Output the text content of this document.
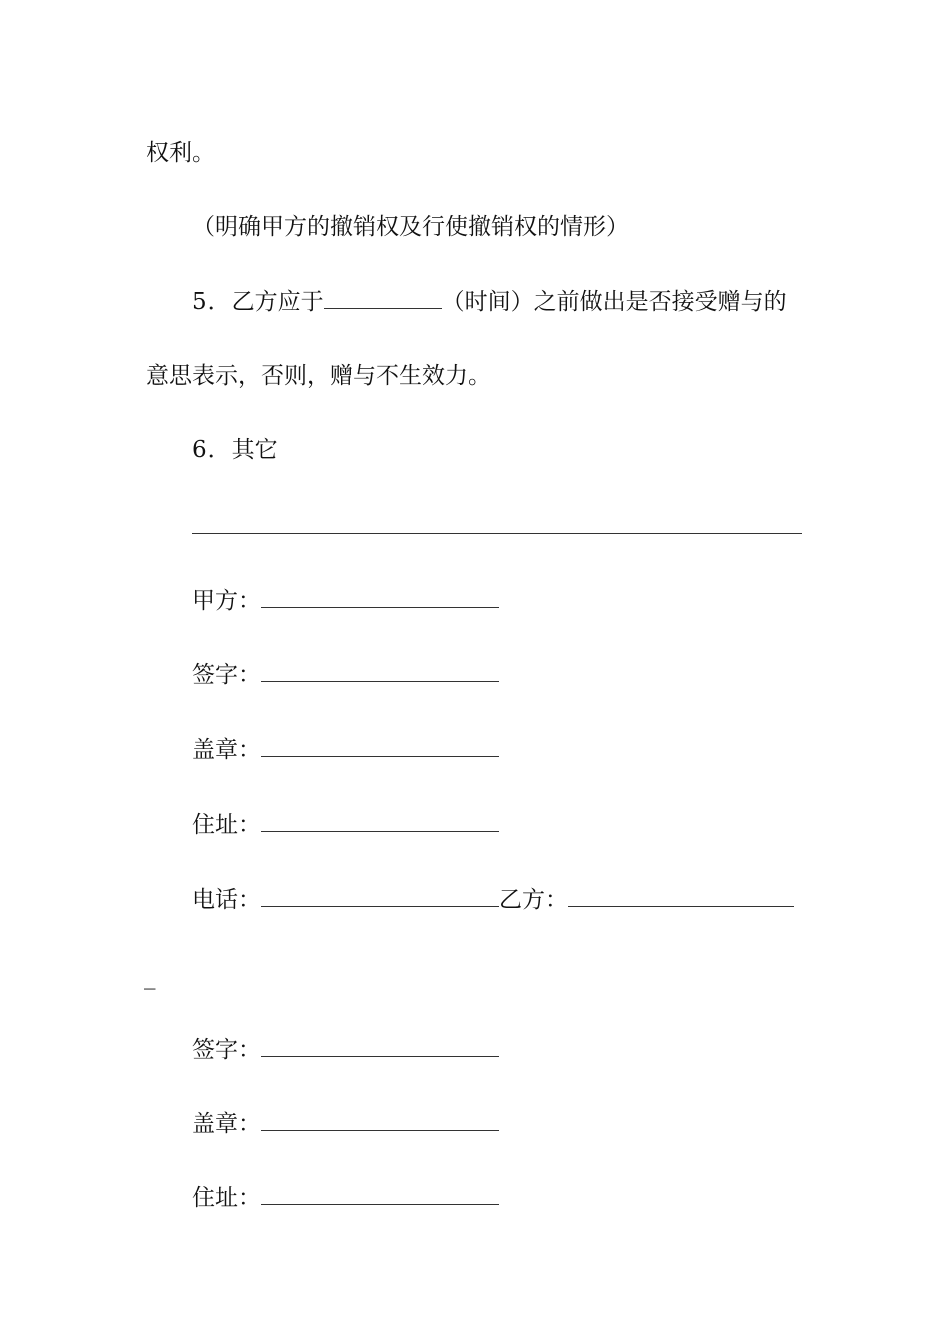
权利。
（明确甲方的撤销权及行使撤销权的情形）
5．乙方应于	（时间）之前做出是否接受赠与的
意思表示，否则，赠与不生效力。
6．其它
甲方：
签字：
盖章：
住址：
电话：	乙方：
_
签字：
盖章：
住址：
